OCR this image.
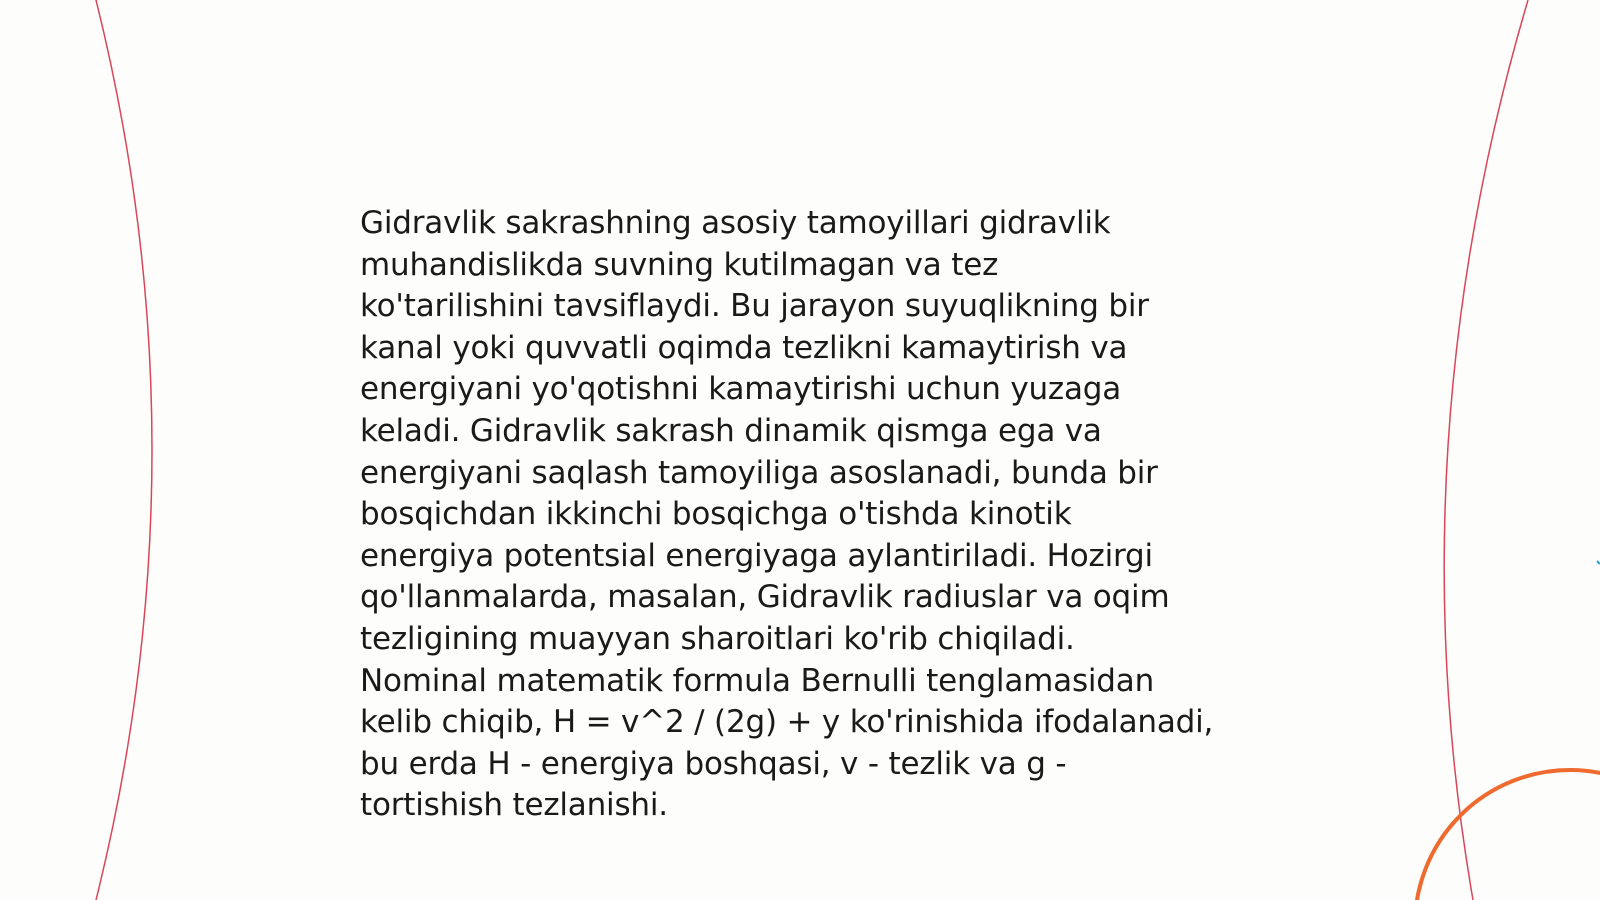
Gidravlik sakrashning asosiy tamoyillari gidravlik
muhandislikda suvning kutilmagan va tez
ko'tarilishini tavsiflaydi. Bu jarayon suyuqlikning bir
kanal yoki quvvatli oqimda tezlikni kamaytirish va
energiyani yo'qotishni kamaytirishi uchun yuzaga
keladi. Gidravlik sakrash dinamik qismga ega va
energiyani saqlash tamoyiliga asoslanadi, bunda bir
bosqichdan ikkinchi bosqichga o'tishda kinotik
energiya potentsial energiyaga aylantiriladi. Hozirgi
qo'llanmalarda, masalan, Gidravlik radiuslar va oqim
tezligining muayyan sharoitlari ko'rib chiqiladi.
Nominal matematik formula Bernulli tenglamasidan
kelib chiqib, H = v^2 / (2g) + y ko'rinishida ifodalanadi,
bu erda H - energiya boshqasi, v - tezlik va g -
tortishish tezlanishi.
